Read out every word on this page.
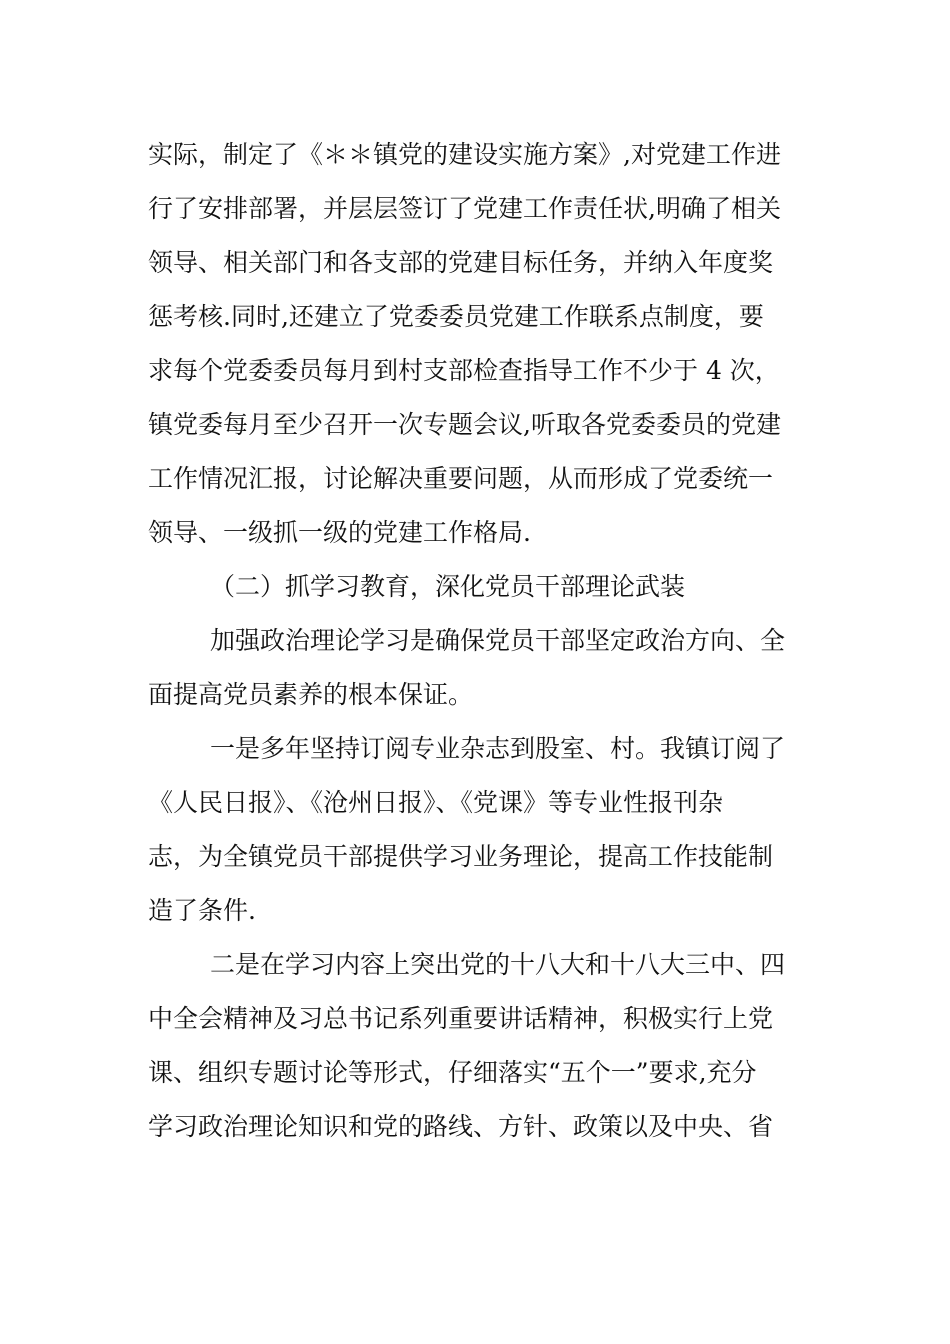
实际，制定了《＊＊镇党的建设实施方案》,对党建工作进
行了安排部署，并层层签订了党建工作责任状,明确了相关
领导、相关部门和各支部的党建目标任务，并纳入年度奖
惩考核.同时,还建立了党委委员党建工作联系点制度，要
求每个党委委员每月到村支部检查指导工作不少于 4 次，
镇党委每月至少召开一次专题会议,听取各党委委员的党建
工作情况汇报，讨论解决重要问题，从而形成了党委统一
领导、一级抓一级的党建工作格局.
（二）抓学习教育，深化党员干部理论武装
加强政治理论学习是确保党员干部坚定政治方向、全
面提高党员素养的根本保证。
一是多年坚持订阅专业杂志到股室、村。我镇订阅了
《人民日报》、《沧州日报》、《党课》等专业性报刊杂
志，为全镇党员干部提供学习业务理论，提高工作技能制
造了条件.
二是在学习内容上突出党的十八大和十八大三中、四
中全会精神及习总书记系列重要讲话精神，积极实行上党
课、组织专题讨论等形式，仔细落实“五个一”要求,充分
学习政治理论知识和党的路线、方针、政策以及中央、省
